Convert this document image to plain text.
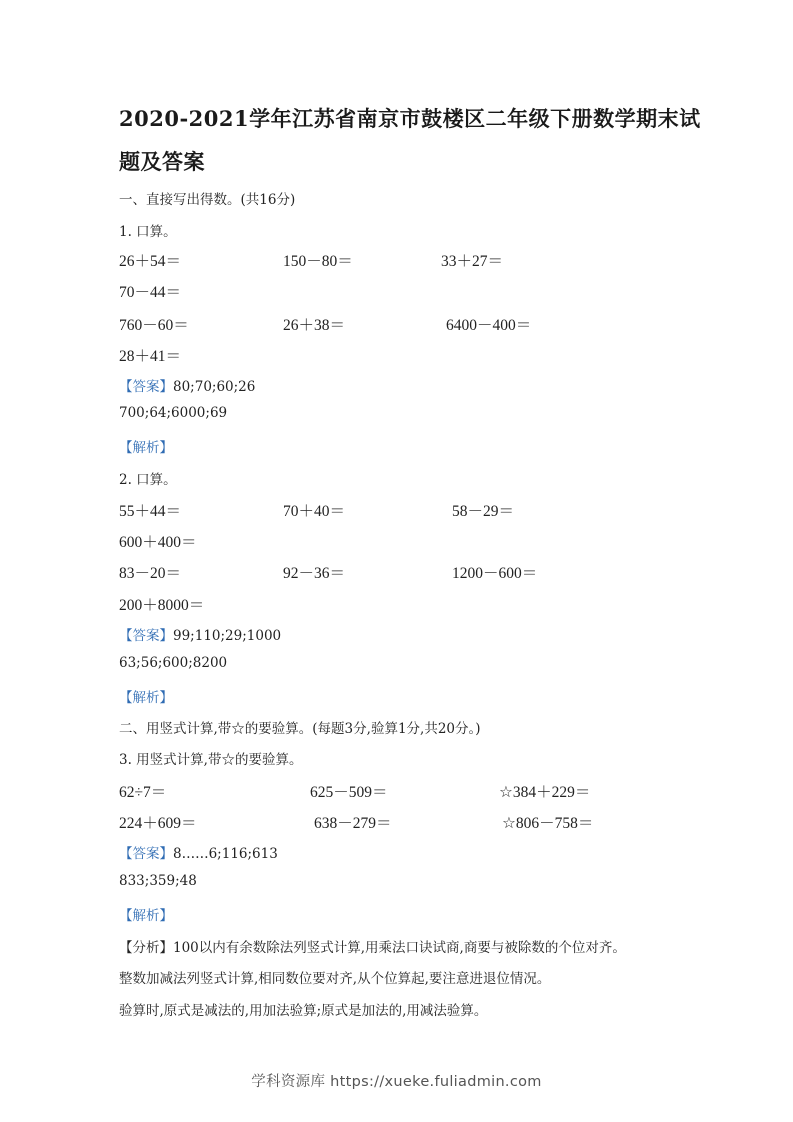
2020-2021学年江苏省南京市鼓楼区二年级下册数学期末试
题及答案
一、直接写出得数。(共16分)
1. 口算。
26＋54＝	150－80＝	33＋27＝
70－44＝
760－60＝	26＋38＝	6400－400＝
28＋41＝
【答案】80;70;60;26
700;64;6000;69
【解析】
2. 口算。
55＋44＝	70＋40＝	58－29＝
600＋400＝
83－20＝	92－36＝	1200－600＝
200＋8000＝
【答案】99;110;29;1000
63;56;600;8200
【解析】
二、用竖式计算,带☆的要验算。(每题3分,验算1分,共20分。)
3. 用竖式计算,带☆的要验算。
62÷7＝	625－509＝	☆384＋229＝
224＋609＝	638－279＝	☆806－758＝
【答案】8……6;116;613
833;359;48
【解析】
【分析】100以内有余数除法列竖式计算,用乘法口诀试商,商要与被除数的个位对齐。
整数加减法列竖式计算,相同数位要对齐,从个位算起,要注意进退位情况。
验算时,原式是减法的,用加法验算;原式是加法的,用减法验算。
学科资源库 https://xueke.fuliadmin.com
